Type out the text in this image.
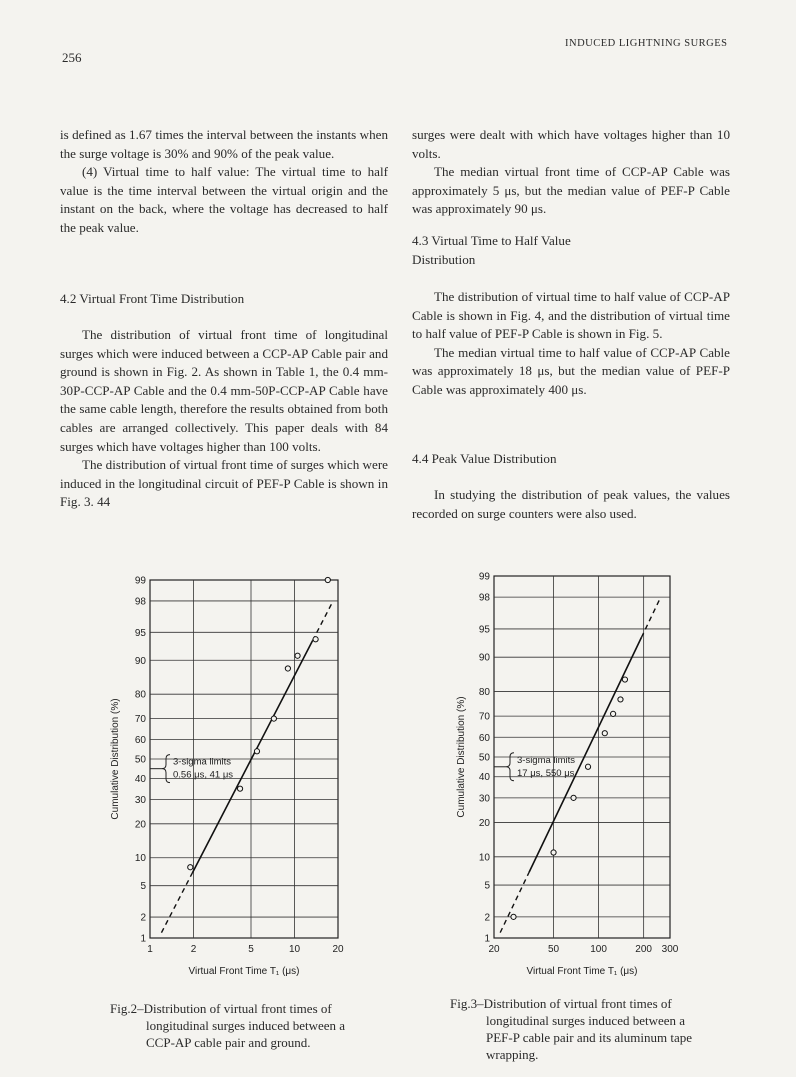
256
INDUCED LIGHTNING SURGES

is defined as 1.67 times the interval between the instants when the surge voltage is 30% and 90% of the peak value.

(4) Virtual time to half value: The virtual time to half value is the time interval between the virtual origin and the instant on the back, where the voltage has decreased to half the peak value.

4.2 Virtual Front Time Distribution

The distribution of virtual front time of longitudinal surges which were induced between a CCP-AP Cable pair and ground is shown in Fig. 2. As shown in Table 1, the 0.4 mm-30P-CCP-AP Cable and the 0.4 mm-50P-CCP-AP Cable have the same cable length, therefore the results obtained from both cables are arranged collectively. This paper deals with 84 surges which have voltages higher than 100 volts.

The distribution of virtual front time of surges which were induced in the longitudinal circuit of PEF-P Cable is shown in Fig. 3. 44

surges were dealt with which have voltages higher than 10 volts.

The median virtual front time of CCP-AP Cable was approximately 5 μs, but the median value of PEF-P Cable was approximately 90 μs.

4.3 Virtual Time to Half Value

Distribution

The distribution of virtual time to half value of CCP-AP Cable is shown in Fig. 4, and the distribution of virtual time to half value of PEF-P Cable is shown in Fig. 5.

The median virtual time to half value of CCP-AP Cable was approximately 18 μs, but the median value of PEF-P Cable was approximately 400 μs.

4.4 Peak Value Distribution

In studying the distribution of peak values, the values recorded on surge counters were also used.

1
2
5
10
20
30
40
50
60
70
80
90
95
98
99
1	2	5	10	20
3-sigma limits
0.56 μs, 41 μs
Virtual Front Time T₁ (μs)
Cumulative Distribution (%)
1
2
5
10
20
30
40
50
60
70
80
90
95
98
99
20	50	100	200 300
3-sigma limits
17 μs, 550 μs
Virtual Front Time T₁ (μs)
Cumulative Distribution (%)
Fig.2–Distribution of virtual front times of
longitudinal surges induced between a
CCP-AP cable pair and ground.
Fig.3–Distribution of virtual front times of
longitudinal surges induced between a
PEF-P cable pair and its aluminum tape
wrapping.
